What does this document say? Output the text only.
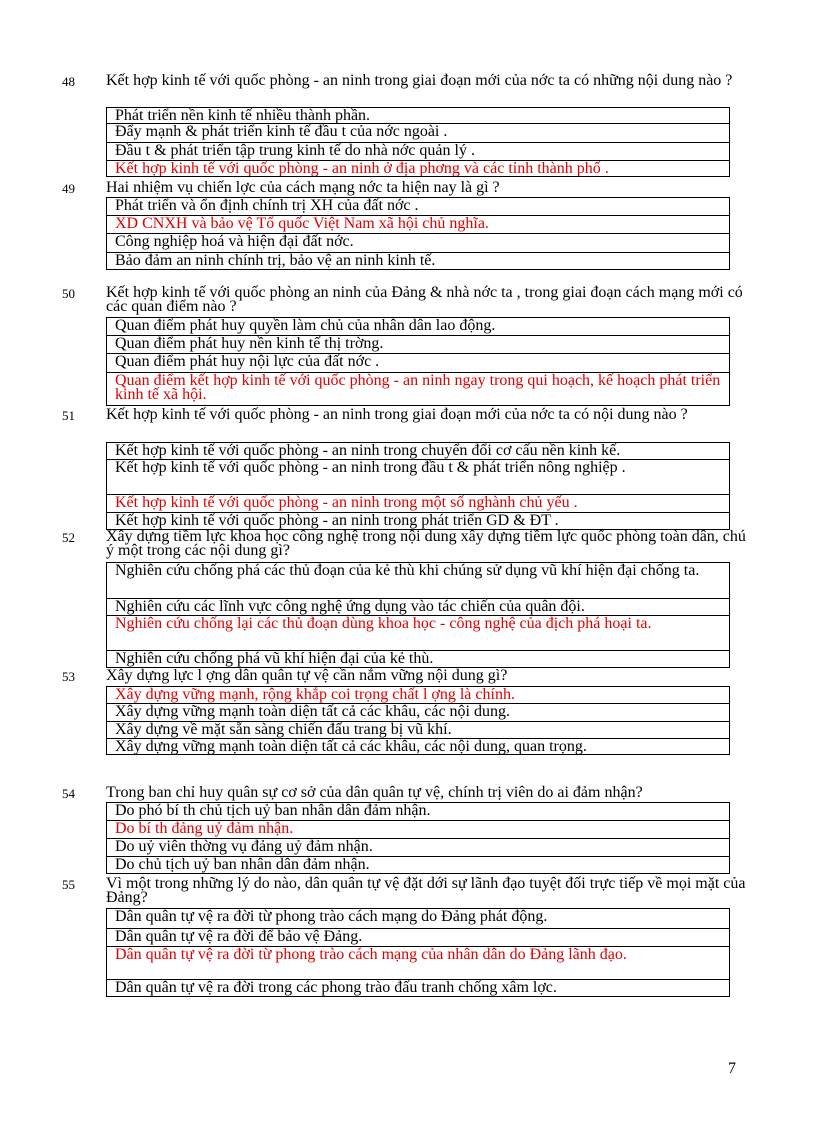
48 Kết hợp kinh tế với quốc phòng - an ninh trong giai đoạn mới của nớc ta có những nội dung nào ?
Phát triển nền kinh tế nhiều thành phần.
Đẩy mạnh & phát triển kinh tế đầu t của nớc ngoài .
Đầu t & phát triển tập trung kinh tế do nhà nớc quản lý .
Kết hợp kinh tế với quốc phòng - an ninh ở địa phơng và các tỉnh thành phố .
49 Hai nhiệm vụ chiến lợc của cách mạng nớc ta hiện nay là gì ?
Phát triển và ổn định chính trị XH của đất nớc .
XD CNXH và bảo vệ Tổ quốc Việt Nam xã hội chủ nghĩa.
Công nghiệp hoá và hiện đại đất nớc.
Bảo đảm an ninh chính trị, bảo vệ an ninh kinh tế.
50 Kết hợp kinh tế với quốc phòng an ninh của Đảng & nhà nớc ta , trong giai đoạn cách mạng mới có các quan điểm nào ?
Quan điểm phát huy quyền làm chủ của nhân dân lao động.
Quan điểm phát huy nền kinh tế thị trờng.
Quan điểm phát huy nội lực của đất nớc .
Quan điểm kết hợp kinh tế với quốc phòng - an ninh ngay trong qui hoạch, kế hoạch phát triển kinh tế xã hội.
51 Kết hợp kinh tế với quốc phòng - an ninh trong giai đoạn mới của nớc ta có nội dung nào ?
Kết hợp kinh tế với quốc phòng - an ninh trong chuyển đổi cơ cấu nền kinh kế.
Kết hợp kinh tế với quốc phòng - an ninh trong đầu t & phát triển nông nghiệp .
Kết hợp kinh tế với quốc phòng - an ninh trong một số nghành chủ yếu .
Kết hợp kinh tế với quốc phòng - an ninh trong phát triển GD & ĐT .
52 Xây dựng tiềm lực khoa học công nghệ trong nội dung xây dựng tiềm lực quốc phòng toàn dân, chú ý một trong các nội dung gì?
Nghiên cứu chống phá các thủ đoạn của kẻ thù khi chúng sử dụng vũ khí hiện đại chống ta.
Nghiên cứu các lĩnh vực công nghệ ứng dụng vào tác chiến của quân đội.
Nghiên cứu chống lại các thủ đoạn dùng khoa học - công nghệ của địch phá hoại ta.
Nghiên cứu chống phá vũ khí hiện đại của kẻ thù.
53 Xây dựng lực l ợng dân quân tự vệ cần nắm vững nội dung gì?
Xây dựng vững mạnh, rộng khắp coi trọng chất l ợng là chính.
Xây dựng vững mạnh toàn diện tất cả các khâu, các nội dung.
Xây dựng về mặt sẵn sàng chiến đấu trang bị vũ khí.
Xây dựng vững mạnh toàn diện tất cả các khâu, các nội dung, quan trọng.
54 Trong ban chỉ huy quân sự cơ sở của dân quân tự vệ, chính trị viên do ai đảm nhận?
Do phó bí th chủ tịch uỷ ban nhân dân đảm nhận.
Do bí th đảng uỷ đảm nhận.
Do uỷ viên thờng vụ đảng uỷ đảm nhận.
Do chủ tịch uỷ ban nhân dân đảm nhận.
55 Vì một trong những lý do nào, dân quân tự vệ đặt dới sự lãnh đạo tuyệt đối trực tiếp về mọi mặt của Đảng?
Dân quân tự vệ ra đời từ phong trào cách mạng do Đảng phát động.
Dân quân tự vệ ra đời để bảo vệ Đảng.
Dân quân tự vệ ra đời từ phong trào cách mạng của nhân dân do Đảng lãnh đạo.
Dân quân tự vệ ra đời trong các phong trào đấu tranh chống xâm lợc.
7
